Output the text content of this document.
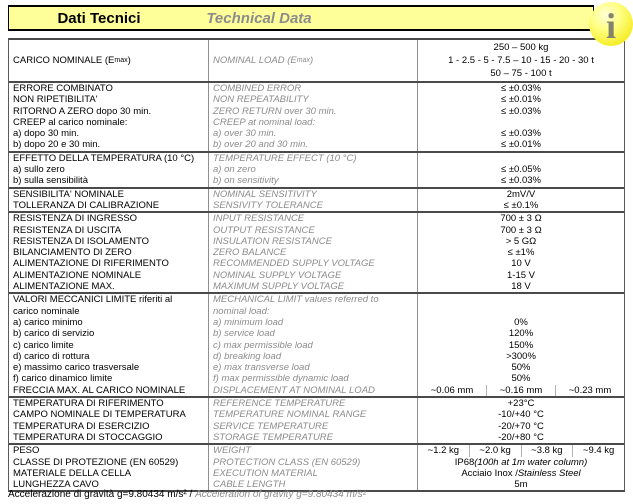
Dati Tecnici	Technical Data	i
CARICO NOMINALE (E max )	NOMINAL LOAD (E max )
250 – 500 kg
1 - 2.5 - 5 - 7.5 – 10 - 15 - 20 - 30 t
50 – 75 - 100 t
ERRORE COMBINATO	COMBINED ERROR	≤ ±0.03%
NON RIPETIBILITA'	NON REPEATABILITY	≤ ±0.01%
RITORNO A ZERO dopo 30 min.	ZERO RETURN over 30 min.	≤ ±0.03%
CREEP al carico nominale:	CREEP at nominal load:
a) dopo 30 min.	a) over 30 min.	≤ ±0.03%
b) dopo 20 e 30 min.	b) over 20 and 30 min.	≤ ±0.01%
EFFETTO DELLA TEMPERATURA (10 °C)	TEMPERATURE EFFECT (10 °C)
a) sullo zero	a) on zero	≤ ±0.05%
b) sulla sensibilità	b) on sensitivity	≤ ±0.03%
SENSIBILITA' NOMINALE	NOMINAL SENSITIVITY	2mV/V
TOLLERANZA DI CALIBRAZIONE	SENSIVITY TOLERANCE	≤ ±0.1%
RESISTENZA DI INGRESSO	INPUT RESISTANCE	700 ± 3 Ω
RESISTENZA DI USCITA	OUTPUT RESISTANCE	700 ± 3 Ω
RESISTENZA DI ISOLAMENTO	INSULATION RESISTANCE	> 5 GΩ
BILANCIAMENTO DI ZERO	ZERO BALANCE	≤ ±1%
ALIMENTAZIONE DI RIFERIMENTO	RECOMMENDED SUPPLY VOLTAGE	10 V
ALIMENTAZIONE NOMINALE	NOMINAL SUPPLY VOLTAGE	1-15 V
ALIMENTAZIONE MAX.	MAXIMUM SUPPLY VOLTAGE	18 V
VALORI MECCANICI LIMITE riferiti al	MECHANICAL LIMIT values referred to
carico nominale	nominal load:
a) carico minimo	a) minimum load	0%
b) carico di servizio	b) service load	120%
c) carico limite	c) max permissible load	150%
d) carico di rottura	d) breaking load	>300%
e) massimo carico trasversale	e) max transverse load	50%
f) carico dinamico limite	f) max permissible dynamic load	50%
FRECCIA MAX. AL CARICO NOMINALE	DISPLACEMENT AT NOMINAL LOAD	~0.06 mm	~0.16 mm	~0.23 mm
TEMPERATURA DI RIFERIMENTO	REFERENCE TEMPERATURE	+23°C
CAMPO NOMINALE DI TEMPERATURA	TEMPERATURE NOMINAL RANGE	-10/+40 °C
TEMPERATURA DI ESERCIZIO	SERVICE TEMPERATURE	-20/+70 °C
TEMPERATURA DI STOCCAGGIO	STORAGE TEMPERATURE	-20/+80 °C
PESO	WEIGHT	~1.2 kg	~2.0 kg	~3.8 kg	~9.4 kg
CLASSE DI PROTEZIONE (EN 60529)	PROTECTION CLASS (EN 60529)	IP68 (100h at 1m water column)
MATERIALE DELLA CELLA	EXECUTION MATERIAL	Acciaio Inox / Stainless Steel
LUNGHEZZA CAVO	CABLE LENGTH	5m
Accelerazione di gravità g=9.80434 m/s² / Acceleration of gravity g=9.80434 m/s²
